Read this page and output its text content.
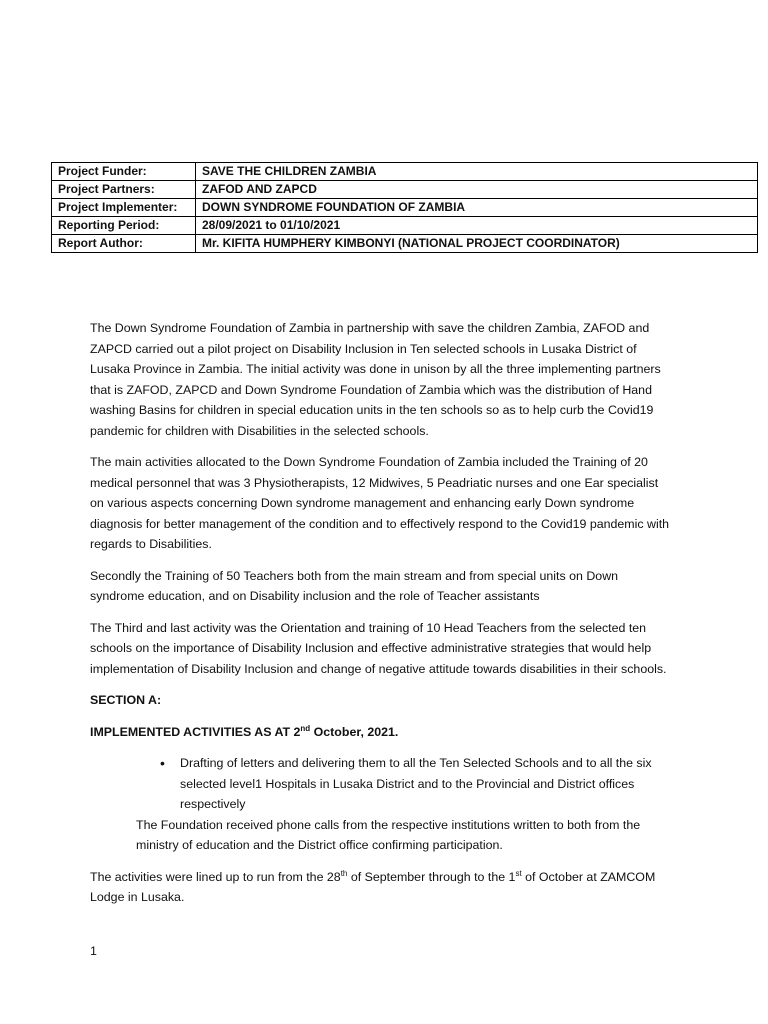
Project Funder:	SAVE THE CHILDREN ZAMBIA
Project Partners:	ZAFOD AND ZAPCD
Project Implementer:	DOWN SYNDROME FOUNDATION OF ZAMBIA
Reporting Period:	28/09/2021 to 01/10/2021
Report Author:	Mr. KIFITA HUMPHERY KIMBONYI (NATIONAL PROJECT COORDINATOR)

The Down Syndrome Foundation of Zambia in partnership with save the children Zambia, ZAFOD and ZAPCD carried out a pilot project on Disability Inclusion in Ten selected schools in Lusaka District of Lusaka Province in Zambia. The initial activity was done in unison by all the three implementing partners that is ZAFOD, ZAPCD and Down Syndrome Foundation of Zambia which was the distribution of Hand washing Basins for children in special education units in the ten schools so as to help curb the Covid19 pandemic for children with Disabilities in the selected schools.

The main activities allocated to the Down Syndrome Foundation of Zambia included the Training of 20 medical personnel that was 3 Physiotherapists, 12 Midwives, 5 Peadriatic nurses and one Ear specialist on various aspects concerning Down syndrome management and enhancing early Down syndrome diagnosis for better management of the condition and to effectively respond to the Covid19 pandemic with regards to Disabilities.

Secondly the Training of 50 Teachers both from the main stream and from special units on Down syndrome education, and on Disability inclusion and the role of Teacher assistants

The Third and last activity was the Orientation and training of 10 Head Teachers from the selected ten schools on the importance of Disability Inclusion and effective administrative strategies that would help implementation of Disability Inclusion and change of negative attitude towards disabilities in their schools.

SECTION A:

IMPLEMENTED ACTIVITIES AS AT 2nd October, 2021.

• Drafting of letters and delivering them to all the Ten Selected Schools and to all the six selected level1 Hospitals in Lusaka District and to the Provincial and District offices respectively

The Foundation received phone calls from the respective institutions written to both from the ministry of education and the District office confirming participation.

The activities were lined up to run from the 28th of September through to the 1st of October at ZAMCOM Lodge in Lusaka.

1
